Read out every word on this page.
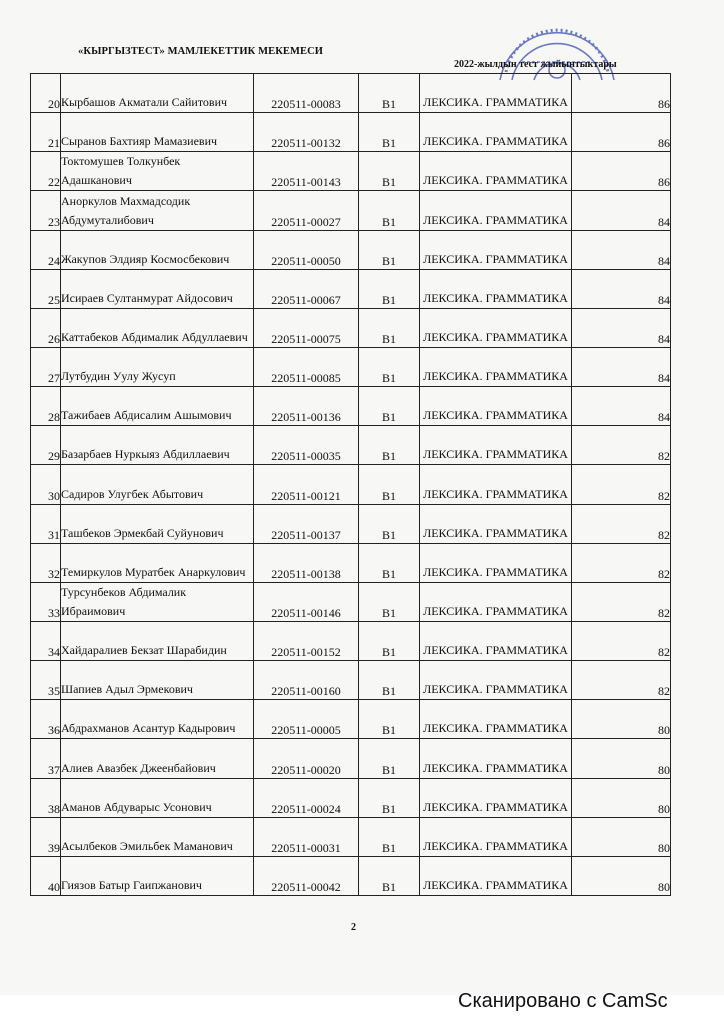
«КЫРГЫЗТЕСТ» МАМЛЕКЕТТИК МЕКЕМЕСИ
2022-жылдын тест жыйынтыктары
20	Кырбашов Акматали Сайитович	220511-00083	B1	ЛЕКСИКА. ГРАММАТИКА	86
21	Сыранов Бахтияр Мамазиевич	220511-00132	B1	ЛЕКСИКА. ГРАММАТИКА	86
22	Токтомушев Толкунбек Адашканович	220511-00143	B1	ЛЕКСИКА. ГРАММАТИКА	86
23	Аноркулов Махмадсодик Абдумуталибович	220511-00027	B1	ЛЕКСИКА. ГРАММАТИКА	84
24	Жакупов Элдияр Космосбекович	220511-00050	B1	ЛЕКСИКА. ГРАММАТИКА	84
25	Исираев Султанмурат Айдосович	220511-00067	B1	ЛЕКСИКА. ГРАММАТИКА	84
26	Каттабеков Абдималик Абдуллаевич	220511-00075	B1	ЛЕКСИКА. ГРАММАТИКА	84
27	Лутбудин Уулу Жусуп	220511-00085	B1	ЛЕКСИКА. ГРАММАТИКА	84
28	Тажибаев Абдисалим Ашымович	220511-00136	B1	ЛЕКСИКА. ГРАММАТИКА	84
29	Базарбаев Нуркыяз Абдиллаевич	220511-00035	B1	ЛЕКСИКА. ГРАММАТИКА	82
30	Садиров Улугбек Абытович	220511-00121	B1	ЛЕКСИКА. ГРАММАТИКА	82
31	Ташбеков Эрмекбай Суйунович	220511-00137	B1	ЛЕКСИКА. ГРАММАТИКА	82
32	Темиркулов Муратбек Анаркулович	220511-00138	B1	ЛЕКСИКА. ГРАММАТИКА	82
33	Турсунбеков Абдималик Ибраимович	220511-00146	B1	ЛЕКСИКА. ГРАММАТИКА	82
34	Хайдаралиев Бекзат Шарабидин	220511-00152	B1	ЛЕКСИКА. ГРАММАТИКА	82
35	Шапиев Адыл Эрмекович	220511-00160	B1	ЛЕКСИКА. ГРАММАТИКА	82
36	Абдрахманов Асантур Кадырович	220511-00005	B1	ЛЕКСИКА. ГРАММАТИКА	80
37	Алиев Авазбек Джеенбайович	220511-00020	B1	ЛЕКСИКА. ГРАММАТИКА	80
38	Аманов Абдуварыс Усонович	220511-00024	B1	ЛЕКСИКА. ГРАММАТИКА	80
39	Асылбеков Эмильбек Маманович	220511-00031	B1	ЛЕКСИКА. ГРАММАТИКА	80
40	Гиязов Батыр Гаипжанович	220511-00042	B1	ЛЕКСИКА. ГРАММАТИКА	80
2
Сканировано с CamSc
